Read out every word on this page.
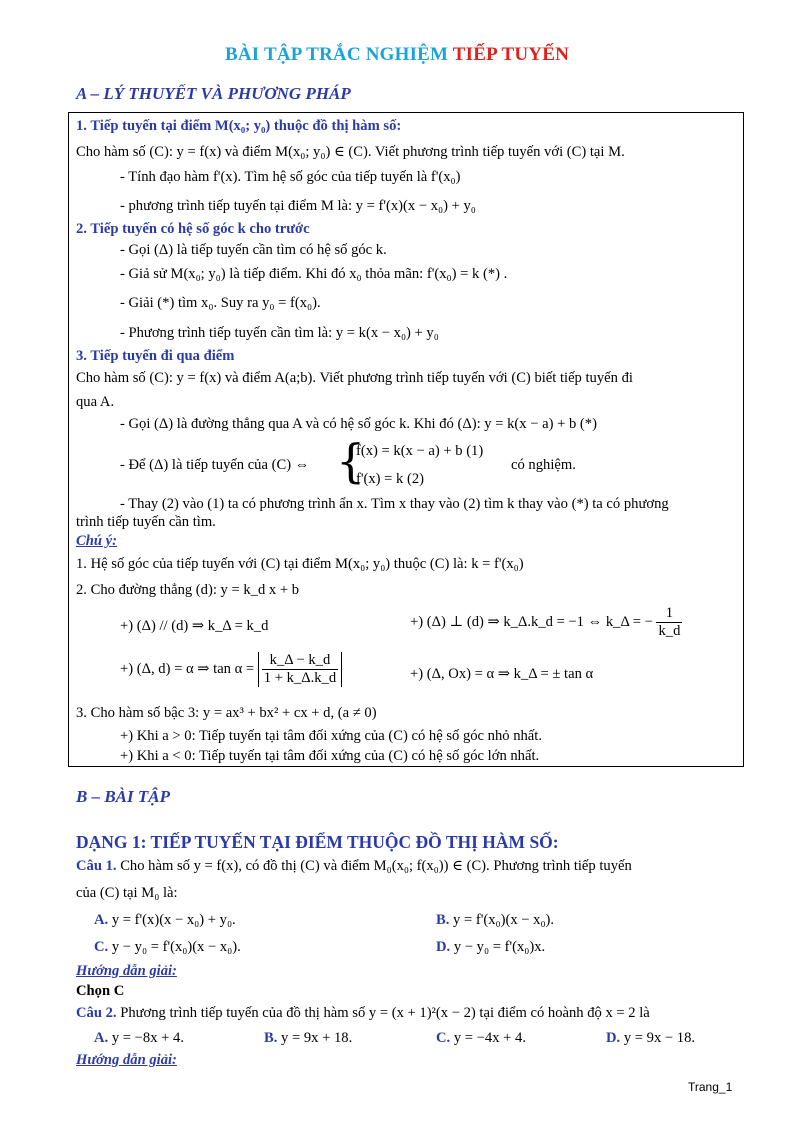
BÀI TẬP TRẮC NGHIỆM TIẾP TUYẾN
A – LÝ THUYẾT VÀ PHƯƠNG PHÁP
1. Tiếp tuyến tại điểm M(x₀; y₀) thuộc đồ thị hàm số:
Cho hàm số (C): y = f(x) và điểm M(x₀; y₀) ∈ (C). Viết phương trình tiếp tuyến với (C) tại M.
- Tính đạo hàm f'(x). Tìm hệ số góc của tiếp tuyến là f'(x₀)
- phương trình tiếp tuyến tại điểm M là: y = f'(x)(x − x₀) + y₀
2. Tiếp tuyến có hệ số góc k cho trước
- Gọi (Δ) là tiếp tuyến cần tìm có hệ số góc k.
- Giả sử M(x₀; y₀) là tiếp điểm. Khi đó x₀ thỏa mãn: f'(x₀) = k (*) .
- Giải (*) tìm x₀. Suy ra y₀ = f(x₀).
- Phương trình tiếp tuyến cần tìm là: y = k(x − x₀) + y₀
3. Tiếp tuyến đi qua điểm
Cho hàm số (C): y = f(x) và điểm A(a;b). Viết phương trình tiếp tuyến với (C) biết tiếp tuyến đi
qua A.
- Gọi (Δ) là đường thẳng qua A và có hệ số góc k. Khi đó (Δ): y = k(x − a) + b (*)
- Để (Δ) là tiếp tuyến của (C) ⇔ {
f(x) = k(x − a) + b (1)
f'(x) = k (2)
có nghiệm.
- Thay (2) vào (1) ta có phương trình ẩn x. Tìm x thay vào (2) tìm k thay vào (*) ta có phương
trình tiếp tuyến cần tìm.
Chú ý:
1. Hệ số góc của tiếp tuyến với (C) tại điểm M(x₀; y₀) thuộc (C) là: k = f'(x₀)
2. Cho đường thẳng (d): y = k_d x + b
+) (Δ) // (d) ⇒ k_Δ = k_d	+) (Δ) ⊥ (d) ⇒ k_Δ.k_d = −1 ⇔ k_Δ = − $\frac{1}{k\_d}$
+) (Δ, d) = α ⇒ $\tan \alpha = \frac{k\_\Delta - k\_d}{1 + k\_\Delta.k\_d}$	+) (Δ, Ox) = α ⇒ k_Δ = ± tan α
3. Cho hàm số bậc 3: y = ax³ + bx² + cx + d, (a ≠ 0)
+) Khi a > 0: Tiếp tuyến tại tâm đối xứng của (C) có hệ số góc nhỏ nhất.
+) Khi a < 0: Tiếp tuyến tại tâm đối xứng của (C) có hệ số góc lớn nhất.
B – BÀI TẬP
DẠNG 1: TIẾP TUYẾN TẠI ĐIỂM THUỘC ĐỒ THỊ HÀM SỐ:
Câu 1. Cho hàm số y = f(x), có đồ thị (C) và điểm M₀(x₀; f(x₀)) ∈ (C). Phương trình tiếp tuyến
của (C) tại M₀ là:
A. y = f'(x)(x − x₀) + y₀.	B. y = f'(x₀)(x − x₀).
C. y − y₀ = f'(x₀)(x − x₀).	D. y − y₀ = f'(x₀)x.
Hướng dẫn giải:
Chọn C
Câu 2. Phương trình tiếp tuyến của đồ thị hàm số y = (x + 1)²(x − 2) tại điểm có hoành độ x = 2 là
A. y = −8x + 4.	B. y = 9x + 18.	C. y = −4x + 4.	D. y = 9x − 18.
Hướng dẫn giải:
Trang_1
